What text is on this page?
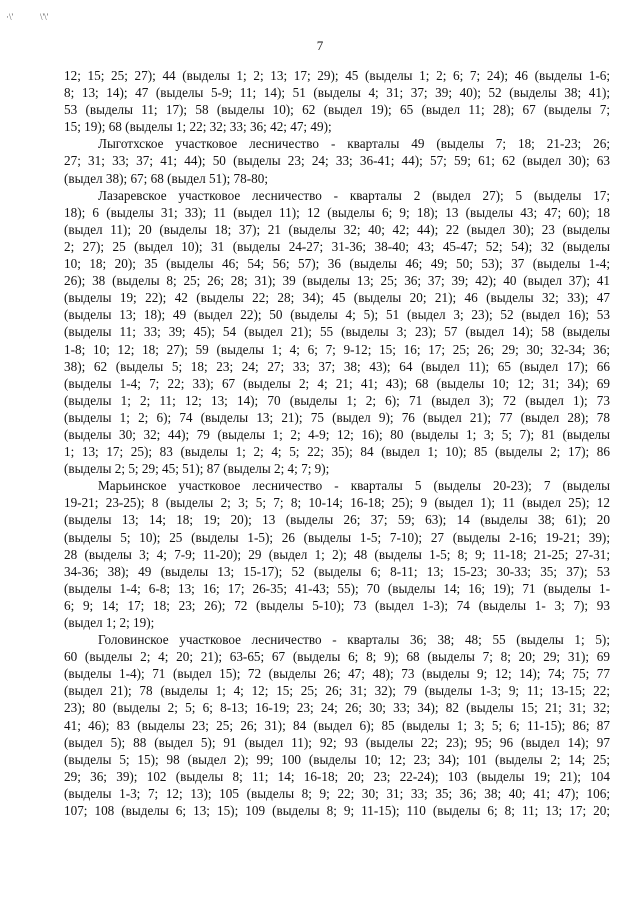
·\'	\'\'
7
12; 15; 25; 27); 44 (выделы 1; 2; 13; 17; 29); 45 (выделы 1; 2; 6; 7; 24); 46 (выделы 1-6;
8; 13; 14); 47 (выделы 5-9; 11; 14); 51 (выделы 4; 31; 37; 39; 40); 52 (выделы 38; 41);
53 (выделы 11; 17); 58 (выделы 10); 62 (выдел 19); 65 (выдел 11; 28); 67 (выделы 7;
15; 19); 68 (выделы 1; 22; 32; 33; 36; 42; 47; 49);
Лыготхское участковое лесничество - кварталы 49 (выделы 7; 18; 21-23; 26;
27; 31; 33; 37; 41; 44); 50 (выделы 23; 24; 33; 36-41; 44); 57; 59; 61; 62 (выдел 30); 63
(выдел 38); 67; 68 (выдел 51); 78-80;
Лазаревское участковое лесничество - кварталы 2 (выдел 27); 5 (выделы 17;
18); 6 (выделы 31; 33); 11 (выдел 11); 12 (выделы 6; 9; 18); 13 (выделы 43; 47; 60); 18
(выдел 11); 20 (выделы 18; 37); 21 (выделы 32; 40; 42; 44); 22 (выдел 30); 23 (выделы
2; 27); 25 (выдел 10); 31 (выделы 24-27; 31-36; 38-40; 43; 45-47; 52; 54); 32 (выделы
10; 18; 20); 35 (выделы 46; 54; 56; 57); 36 (выделы 46; 49; 50; 53); 37 (выделы 1-4;
26); 38 (выделы 8; 25; 26; 28; 31); 39 (выделы 13; 25; 36; 37; 39; 42); 40 (выдел 37); 41
(выделы 19; 22); 42 (выделы 22; 28; 34); 45 (выделы 20; 21); 46 (выделы 32; 33); 47
(выделы 13; 18); 49 (выдел 22); 50 (выделы 4; 5); 51 (выдел 3; 23); 52 (выдел 16); 53
(выделы 11; 33; 39; 45); 54 (выдел 21); 55 (выделы 3; 23); 57 (выдел 14); 58 (выделы
1-8; 10; 12; 18; 27); 59 (выделы 1; 4; 6; 7; 9-12; 15; 16; 17; 25; 26; 29; 30; 32-34; 36;
38); 62 (выделы 5; 18; 23; 24; 27; 33; 37; 38; 43); 64 (выдел 11); 65 (выдел 17); 66
(выделы 1-4; 7; 22; 33); 67 (выделы 2; 4; 21; 41; 43); 68 (выделы 10; 12; 31; 34); 69
(выделы 1; 2; 11; 12; 13; 14); 70 (выделы 1; 2; 6); 71 (выдел 3); 72 (выдел 1); 73
(выделы 1; 2; 6); 74 (выделы 13; 21); 75 (выдел 9); 76 (выдел 21); 77 (выдел 28); 78
(выделы 30; 32; 44); 79 (выделы 1; 2; 4-9; 12; 16); 80 (выделы 1; 3; 5; 7); 81 (выделы
1; 13; 17; 25); 83 (выделы 1; 2; 4; 5; 22; 35); 84 (выдел 1; 10); 85 (выделы 2; 17); 86
(выделы 2; 5; 29; 45; 51); 87 (выделы 2; 4; 7; 9);
Марьинское участковое лесничество - кварталы 5 (выделы 20-23); 7 (выделы
19-21; 23-25); 8 (выделы 2; 3; 5; 7; 8; 10-14; 16-18; 25); 9 (выдел 1); 11 (выдел 25); 12
(выделы 13; 14; 18; 19; 20); 13 (выделы 26; 37; 59; 63); 14 (выделы 38; 61); 20
(выделы 5; 10); 25 (выделы 1-5); 26 (выделы 1-5; 7-10); 27 (выделы 2-16; 19-21; 39);
28 (выделы 3; 4; 7-9; 11-20); 29 (выдел 1; 2); 48 (выделы 1-5; 8; 9; 11-18; 21-25; 27-31;
34-36; 38); 49 (выделы 13; 15-17); 52 (выделы 6; 8-11; 13; 15-23; 30-33; 35; 37); 53
(выделы 1-4; 6-8; 13; 16; 17; 26-35; 41-43; 55); 70 (выделы 14; 16; 19); 71 (выделы 1-
6; 9; 14; 17; 18; 23; 26); 72 (выделы 5-10); 73 (выдел 1-3); 74 (выделы 1- 3; 7); 93
(выдел 1; 2; 19);
Головинское участковое лесничество - кварталы 36; 38; 48; 55 (выделы 1; 5);
60 (выделы 2; 4; 20; 21); 63-65; 67 (выделы 6; 8; 9); 68 (выделы 7; 8; 20; 29; 31); 69
(выделы 1-4); 71 (выдел 15); 72 (выделы 26; 47; 48); 73 (выделы 9; 12; 14); 74; 75; 77
(выдел 21); 78 (выделы 1; 4; 12; 15; 25; 26; 31; 32); 79 (выделы 1-3; 9; 11; 13-15; 22;
23); 80 (выделы 2; 5; 6; 8-13; 16-19; 23; 24; 26; 30; 33; 34); 82 (выделы 15; 21; 31; 32;
41; 46); 83 (выделы 23; 25; 26; 31); 84 (выдел 6); 85 (выделы 1; 3; 5; 6; 11-15); 86; 87
(выдел 5); 88 (выдел 5); 91 (выдел 11); 92; 93 (выделы 22; 23); 95; 96 (выдел 14); 97
(выделы 5; 15); 98 (выдел 2); 99; 100 (выделы 10; 12; 23; 34); 101 (выделы 2; 14; 25;
29; 36; 39); 102 (выделы 8; 11; 14; 16-18; 20; 23; 22-24); 103 (выделы 19; 21); 104
(выделы 1-3; 7; 12; 13); 105 (выделы 8; 9; 22; 30; 31; 33; 35; 36; 38; 40; 41; 47); 106;
107; 108 (выделы 6; 13; 15); 109 (выделы 8; 9; 11-15); 110 (выделы 6; 8; 11; 13; 17; 20;
